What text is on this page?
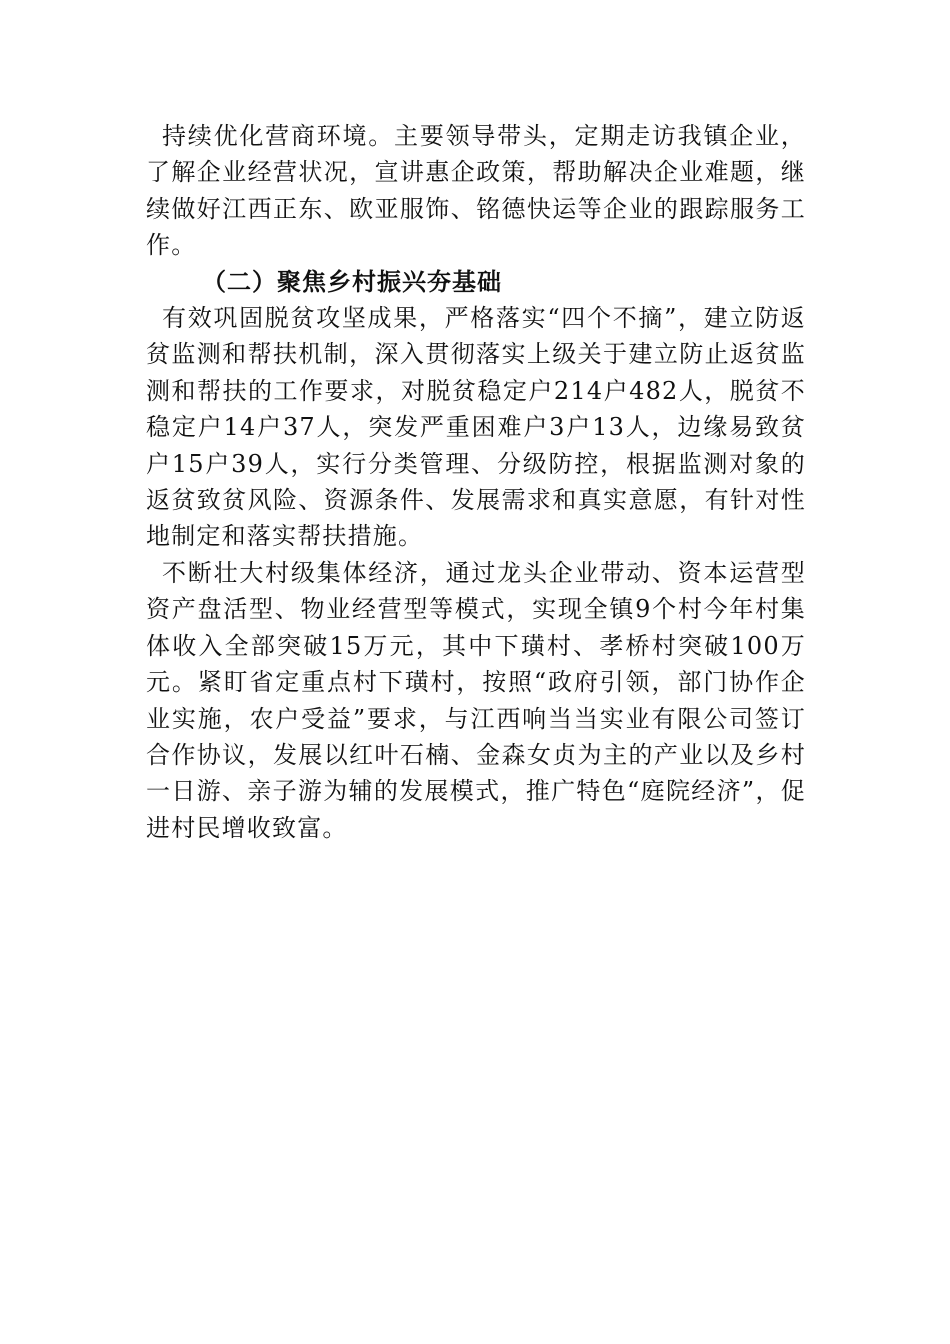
持续优化营商环境。主要领导带头，定期走访我镇企业，了解企业经营状况，宣讲惠企政策，帮助解决企业难题，继续做好江西正东、欧亚服饰、铭德快运等企业的跟踪服务工作。

（二）聚焦乡村振兴夯基础

有效巩固脱贫攻坚成果，严格落实“四个不摘”，建立防返贫监测和帮扶机制，深入贯彻落实上级关于建立防止返贫监测和帮扶的工作要求，对脱贫稳定户214户482人，脱贫不稳定户14户37人，突发严重困难户3户13人，边缘易致贫户15户39人，实行分类管理、分级防控，根据监测对象的返贫致贫风险、资源条件、发展需求和真实意愿，有针对性地制定和落实帮扶措施。

不断壮大村级集体经济，通过龙头企业带动、资本运营型资产盘活型、物业经营型等模式，实现全镇9个村今年村集体收入全部突破15万元，其中下璜村、孝桥村突破100万元。紧盯省定重点村下璜村，按照“政府引领，部门协作企业实施，农户受益”要求，与江西响当当实业有限公司签订合作协议，发展以红叶石楠、金森女贞为主的产业以及乡村一日游、亲子游为辅的发展模式，推广特色“庭院经济”，促进村民增收致富。
